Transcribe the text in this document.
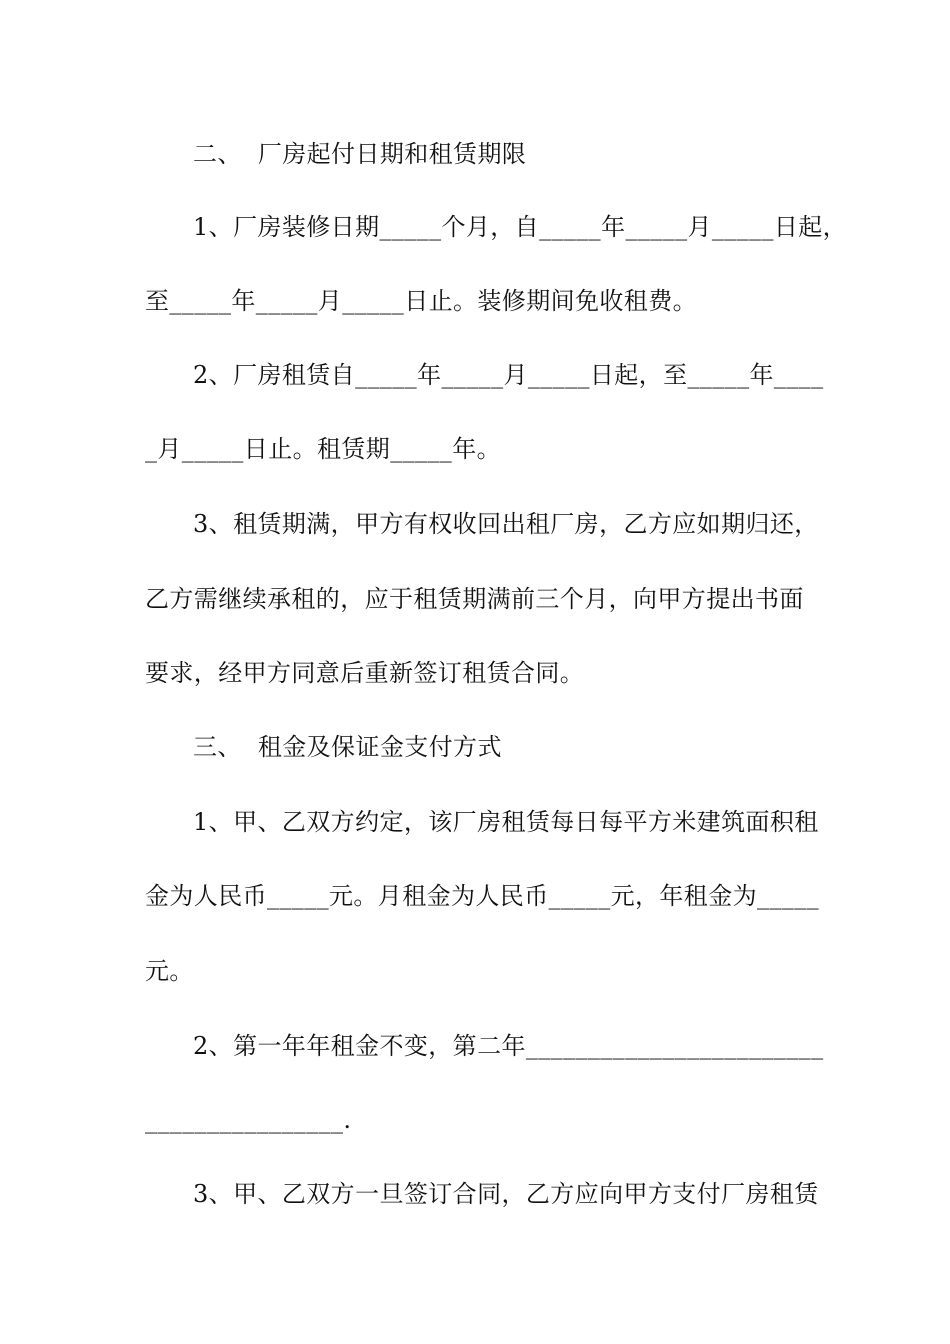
二、  厂房起付日期和租赁期限
1、厂房装修日期_____个月，自_____年_____月_____日起，
至_____年_____月_____日止。装修期间免收租费。
2、厂房租赁自_____年_____月_____日起，至_____年____
_月_____日止。租赁期_____年。
3、租赁期满，甲方有权收回出租厂房，乙方应如期归还，
乙方需继续承租的，应于租赁期满前三个月，向甲方提出书面
要求，经甲方同意后重新签订租赁合同。
三、  租金及保证金支付方式
1、甲、乙双方约定，该厂房租赁每日每平方米建筑面积租
金为人民币_____元。月租金为人民币_____元，年租金为_____
元。
2、第一年年租金不变，第二年________________________
________________.
3、甲、乙双方一旦签订合同，乙方应向甲方支付厂房租赁
